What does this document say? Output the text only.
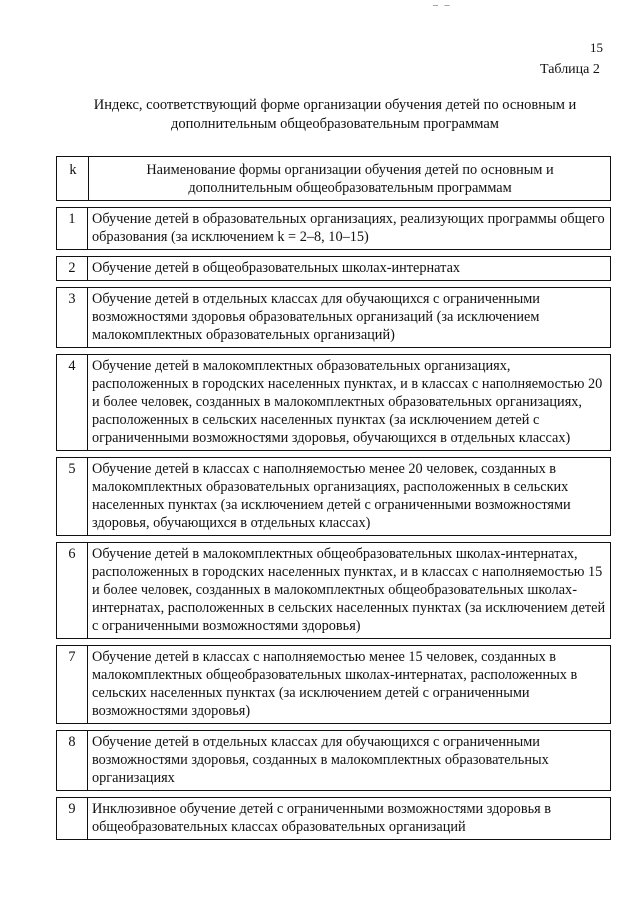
– –
15
Таблица 2
Индекс, соответствующий форме организации обучения детей по основным и дополнительным общеобразовательным программам
k	Наименование формы организации обучения детей по основным и дополнительным общеобразовательным программам
1	Обучение детей в образовательных организациях, реализующих программы общего образования (за исключением k = 2–8, 10–15)
2	Обучение детей в общеобразовательных школах-интернатах
3	Обучение детей в отдельных классах для обучающихся с ограниченными возможностями здоровья образовательных организаций (за исключением малокомплектных образовательных организаций)
4	Обучение детей в малокомплектных образовательных организациях, расположенных в городских населенных пунктах, и в классах с наполняемостью 20 и более человек, созданных в малокомплектных образовательных организациях, расположенных в сельских населенных пунктах (за исключением детей с ограниченными возможностями здоровья, обучающихся в отдельных классах)
5	Обучение детей в классах с наполняемостью менее 20 человек, созданных в малокомплектных образовательных организациях, расположенных в сельских населенных пунктах (за исключением детей с ограниченными возможностями здоровья, обучающихся в отдельных классах)
6	Обучение детей в малокомплектных общеобразовательных школах-интернатах, расположенных в городских населенных пунктах, и в классах с наполняемостью 15 и более человек, созданных в малокомплектных общеобразовательных школах-интернатах, расположенных в сельских населенных пунктах (за исключением детей с ограниченными возможностями здоровья)
7	Обучение детей в классах с наполняемостью менее 15 человек, созданных в малокомплектных общеобразовательных школах-интернатах, расположенных в сельских населенных пунктах (за исключением детей с ограниченными возможностями здоровья)
8	Обучение детей в отдельных классах для обучающихся с ограниченными возможностями здоровья, созданных в малокомплектных образовательных организациях
9	Инклюзивное обучение детей с ограниченными возможностями здоровья в общеобразовательных классах образовательных организаций
